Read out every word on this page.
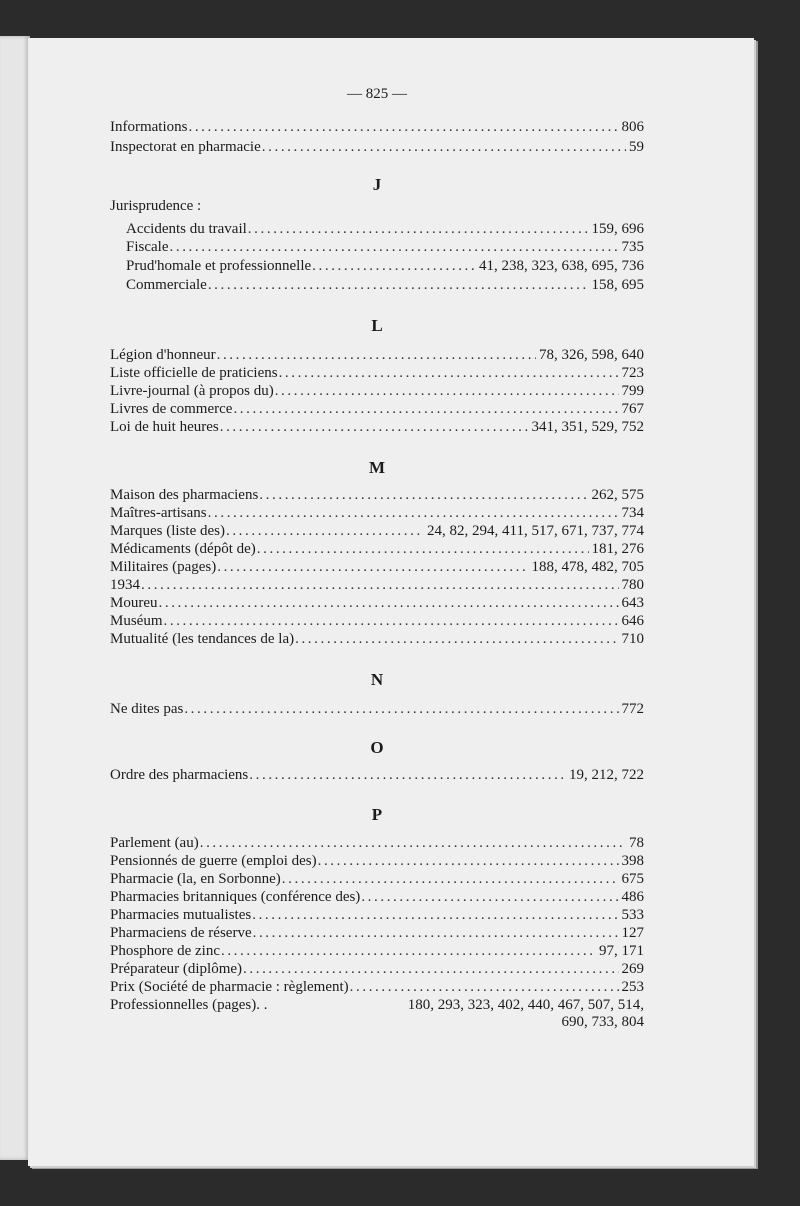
— 825 —
Informations .....	806
Inspectorat en pharmacie .....	59
J
Jurisprudence :
Accidents du travail .....	159, 696
Fiscale .....	735
Prud'homale et professionnelle .....	41, 238, 323, 638, 695, 736
Commerciale .....	158, 695
L
Légion d'honneur .....	78, 326, 598, 640
Liste officielle de praticiens .....	723
Livre-journal (à propos du) .....	799
Livres de commerce .....	767
Loi de huit heures .....	341, 351, 529, 752
M
Maison des pharmaciens .....	262, 575
Maîtres-artisans .....	734
Marques (liste des) .....	24, 82, 294, 411, 517, 671, 737, 774
Médicaments (dépôt de) .....	181, 276
Militaires (pages) .....	188, 478, 482, 705
1934 .....	780
Moureu .....	643
Muséum .....	646
Mutualité (les tendances de la) .....	710
N
Ne dites pas .....	772
O
Ordre des pharmaciens .....	19, 212, 722
P
Parlement (au) .....	78
Pensionnés de guerre (emploi des) .....	398
Pharmacie (la, en Sorbonne) .....	675
Pharmacies britanniques (conférence des) .....	486
Pharmacies mutualistes .....	533
Pharmaciens de réserve .....	127
Phosphore de zinc .....	97, 171
Préparateur (diplôme) .....	269
Prix (Société de pharmacie : règlement) .....	253
Professionnelles (pages). .	180, 293, 323, 402, 440, 467, 507, 514,
690, 733, 804
